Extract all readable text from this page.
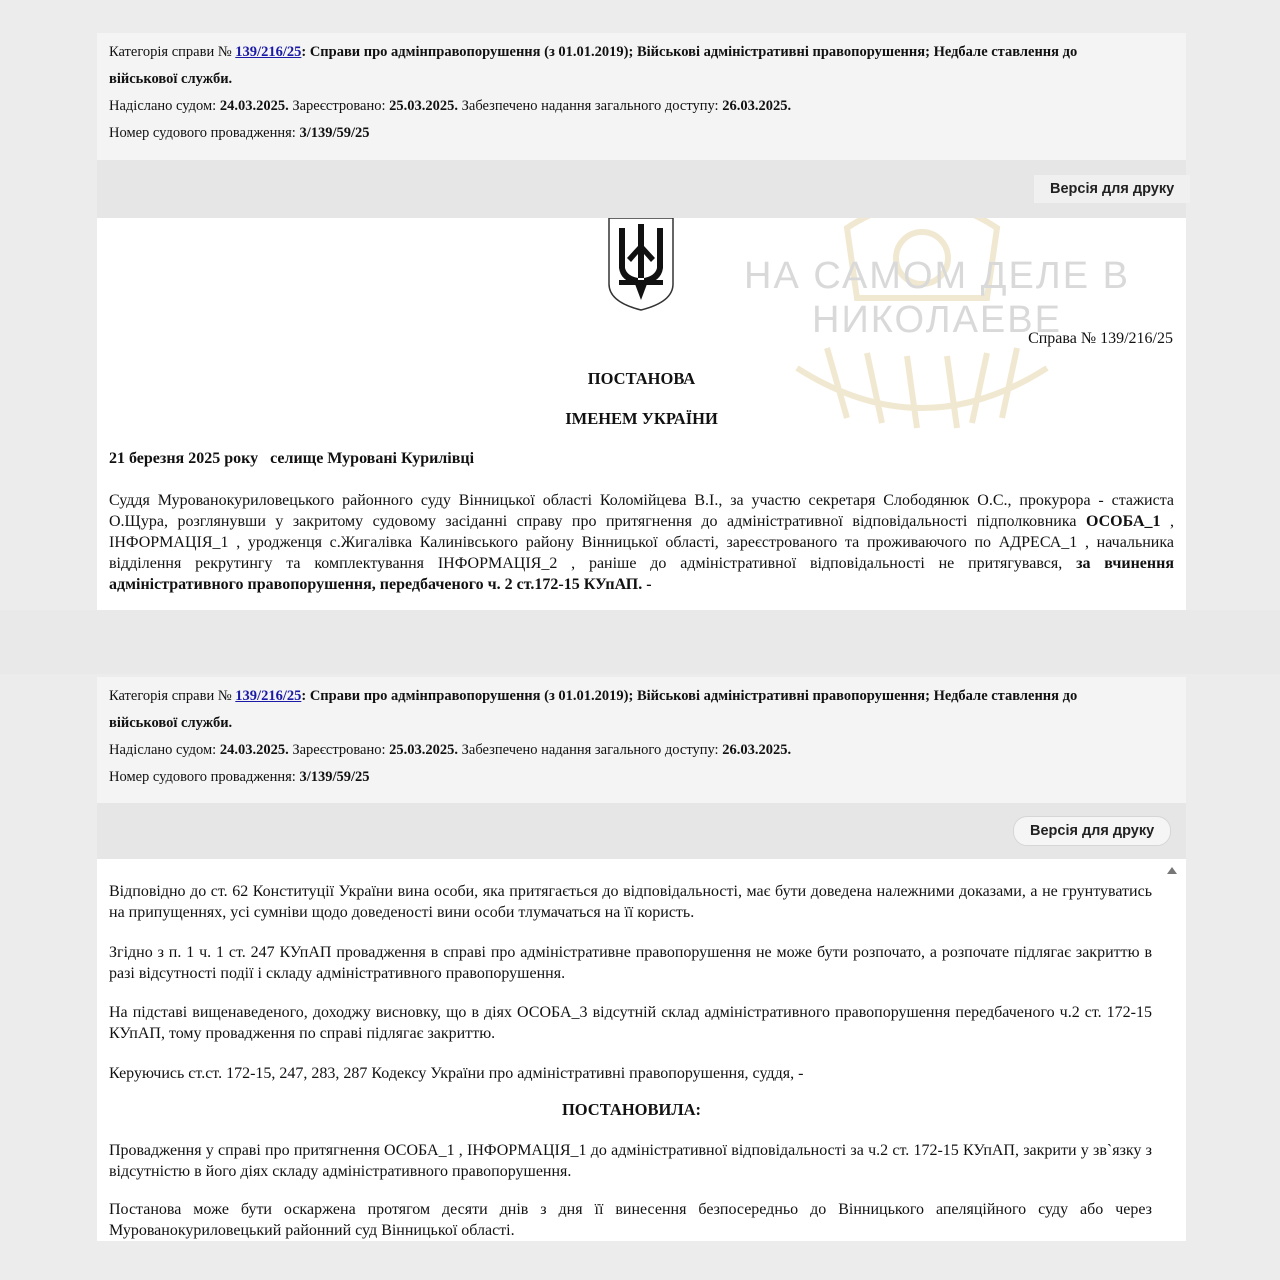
Категорія справи № 139/216/25: Справи про адмінправопорушення (з 01.01.2019); Військові адміністративні правопорушення; Недбале ставлення до
військової служби.
Надіслано судом: 24.03.2025. Зареєстровано: 25.03.2025. Забезпечено надання загального доступу: 26.03.2025.
Номер судового провадження: 3/139/59/25
Версія для друку
НА САМОМ ДЕЛЕ В
НИКОЛАЕВЕ
Справа № 139/216/25
ПОСТАНОВА
ІМЕНЕМ УКРАЇНИ
21 березня 2025 року   селище Мурованi Курилівці

Суддя Мурованокуриловецького районного суду Вінницької області Коломійцева В.І., за участю секретаря Слободянюк О.С., прокурора - стажиста О.Щура, розглянувши у закритому судовому засіданні справу про притягнення до адміністративної відповідальності підполковника ОСОБА_1 , ІНФОРМАЦІЯ_1 , уродженця с.Жигалівка Калинівського району Вінницької області, зареєстрованого та проживаючого по АДРЕСА_1 , начальника відділення рекрутингу та комплектування ІНФОРМАЦІЯ_2 , раніше до адміністративної відповідальності не притягувався, за вчинення адміністративного правопорушення, передбаченого ч. 2 ст.172-15 КУпАП. -

Категорія справи № 139/216/25: Справи про адмінправопорушення (з 01.01.2019); Військові адміністративні правопорушення; Недбале ставлення до
військової служби.
Надіслано судом: 24.03.2025. Зареєстровано: 25.03.2025. Забезпечено надання загального доступу: 26.03.2025.
Номер судового провадження: 3/139/59/25
Версія для друку

Відповідно до ст. 62 Конституції України вина особи, яка притягається до відповідальності, має бути доведена належними доказами, а не грунтуватись на припущеннях, усі сумніви щодо доведеності вини особи тлумачаться на її користь.

Згідно з п. 1 ч. 1 ст. 247 КУпАП провадження в справі про адміністративне правопорушення не може бути розпочато, а розпочате підлягає закриттю в разі відсутності події і складу адміністративного правопорушення.

На підставі вищенаведеного, доходжу висновку, що в діях ОСОБА_3 відсутній склад адміністративного правопорушення передбаченого ч.2 ст. 172-15 КУпАП, тому провадження по справі підлягає закриттю.

Керуючись ст.ст. 172-15, 247, 283, 287 Кодексу України про адміністративні правопорушення, суддя, -

ПОСТАНОВИЛА:

Провадження у справі про притягнення ОСОБА_1 , ІНФОРМАЦІЯ_1 до адміністративної відповідальності за ч.2 ст. 172-15 КУпАП, закрити у зв`язку з відсутністю в його діях складу адміністративного правопорушення.

Постанова може бути оскаржена протягом десяти днів з дня її винесення безпосередньо до Вінницького апеляційного суду або через Мурованокуриловецький районний суд Вінницької області.
